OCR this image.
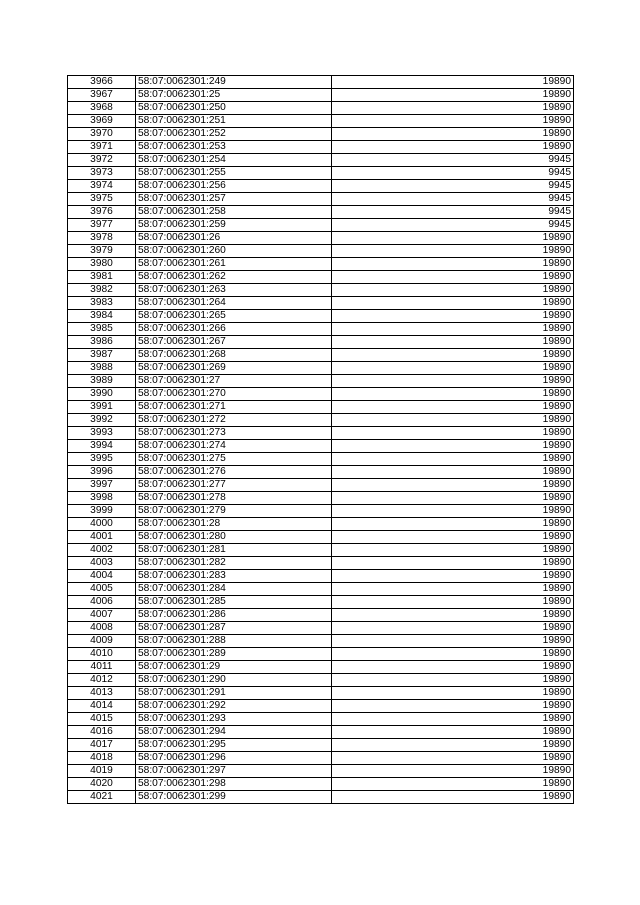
3966	58:07:0062301:249	19890
3967	58:07:0062301:25	19890
3968	58:07:0062301:250	19890
3969	58:07:0062301:251	19890
3970	58:07:0062301:252	19890
3971	58:07:0062301:253	19890
3972	58:07:0062301:254	9945
3973	58:07:0062301:255	9945
3974	58:07:0062301:256	9945
3975	58:07:0062301:257	9945
3976	58:07:0062301:258	9945
3977	58:07:0062301:259	9945
3978	58:07:0062301:26	19890
3979	58:07:0062301:260	19890
3980	58:07:0062301:261	19890
3981	58:07:0062301:262	19890
3982	58:07:0062301:263	19890
3983	58:07:0062301:264	19890
3984	58:07:0062301:265	19890
3985	58:07:0062301:266	19890
3986	58:07:0062301:267	19890
3987	58:07:0062301:268	19890
3988	58:07:0062301:269	19890
3989	58:07:0062301:27	19890
3990	58:07:0062301:270	19890
3991	58:07:0062301:271	19890
3992	58:07:0062301:272	19890
3993	58:07:0062301:273	19890
3994	58:07:0062301:274	19890
3995	58:07:0062301:275	19890
3996	58:07:0062301:276	19890
3997	58:07:0062301:277	19890
3998	58:07:0062301:278	19890
3999	58:07:0062301:279	19890
4000	58:07:0062301:28	19890
4001	58:07:0062301:280	19890
4002	58:07:0062301:281	19890
4003	58:07:0062301:282	19890
4004	58:07:0062301:283	19890
4005	58:07:0062301:284	19890
4006	58:07:0062301:285	19890
4007	58:07:0062301:286	19890
4008	58:07:0062301:287	19890
4009	58:07:0062301:288	19890
4010	58:07:0062301:289	19890
4011	58:07:0062301:29	19890
4012	58:07:0062301:290	19890
4013	58:07:0062301:291	19890
4014	58:07:0062301:292	19890
4015	58:07:0062301:293	19890
4016	58:07:0062301:294	19890
4017	58:07:0062301:295	19890
4018	58:07:0062301:296	19890
4019	58:07:0062301:297	19890
4020	58:07:0062301:298	19890
4021	58:07:0062301:299	19890
